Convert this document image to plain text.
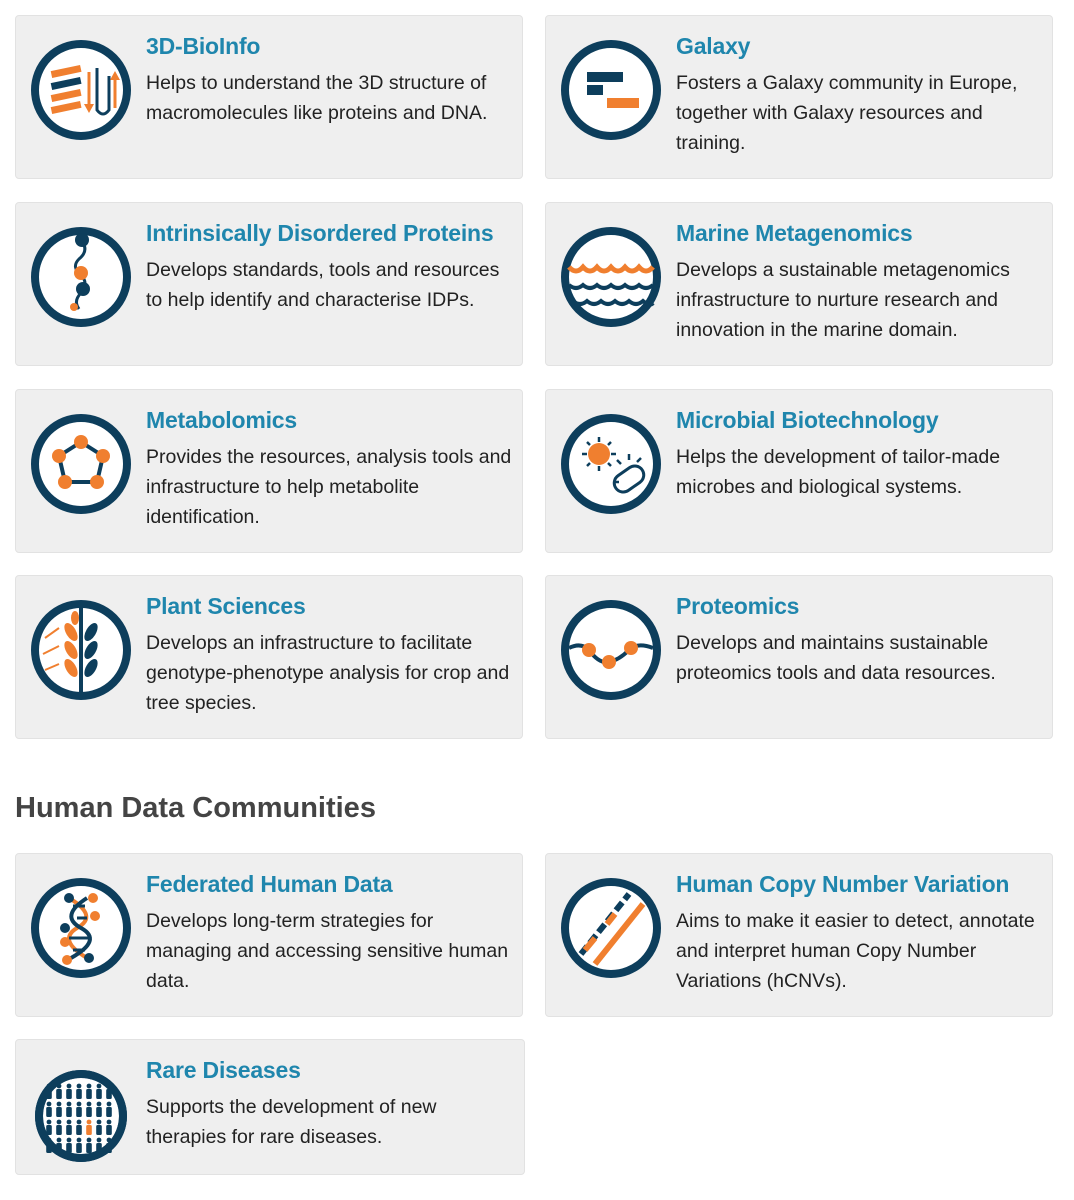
3D-BioInfo
Helps to understand the 3D structure of macromolecules like proteins and DNA.
Galaxy
Fosters a Galaxy community in Europe, together with Galaxy resources and training.
Intrinsically Disordered Proteins
Develops standards, tools and resources to help identify and characterise IDPs.
Marine Metagenomics
Develops a sustainable metagenomics infrastructure to nurture research and innovation in the marine domain.
Metabolomics
Provides the resources, analysis tools and infrastructure to help metabolite identification.
Microbial Biotechnology
Helps the development of tailor-made microbes and biological systems.
Plant Sciences
Develops an infrastructure to facilitate genotype-phenotype analysis for crop and tree species.
Proteomics
Develops and maintains sustainable proteomics tools and data resources.
Human Data Communities
Federated Human Data
Develops long-term strategies for managing and accessing sensitive human data.
Human Copy Number Variation
Aims to make it easier to detect, annotate and interpret human Copy Number Variations (hCNVs).
Rare Diseases
Supports the development of new therapies for rare diseases.
